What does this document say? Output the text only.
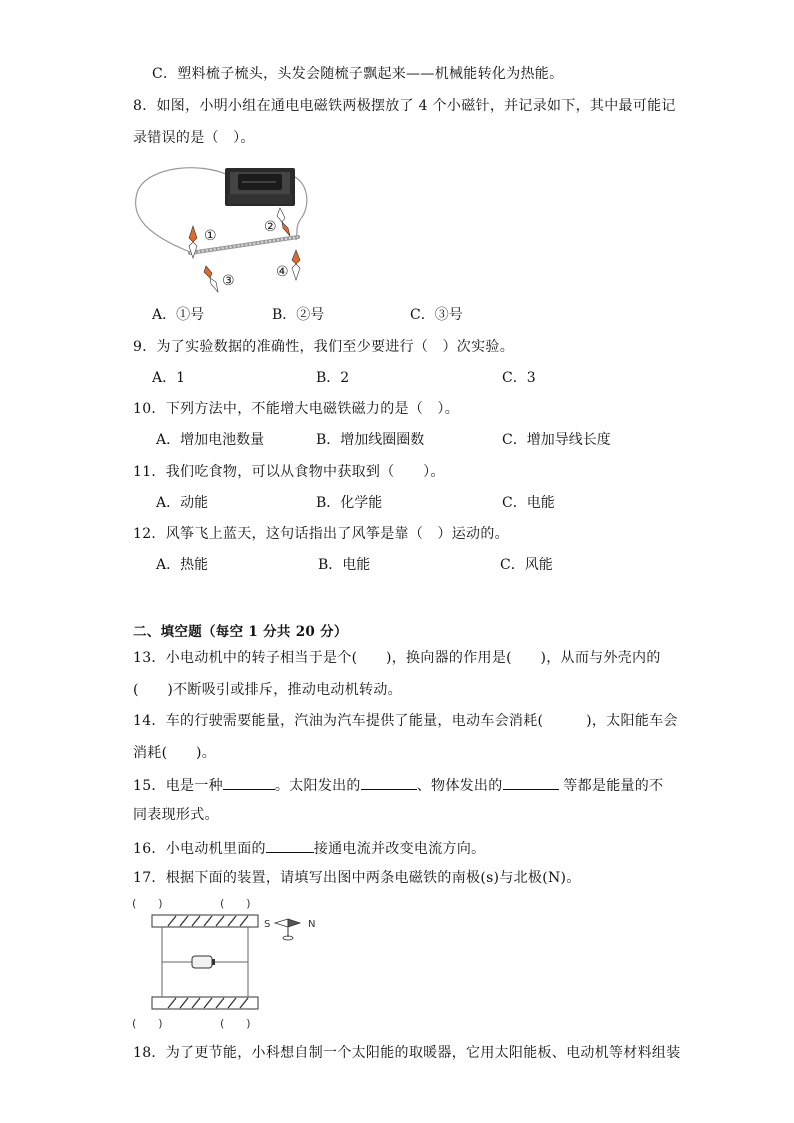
C．塑料梳子梳头，头发会随梳子飘起来——机械能转化为热能。
8．如图，小明小组在通电电磁铁两极摆放了 4 个小磁针，并记录如下，其中最可能记
录错误的是（　）。
①
②
③
④
A．①号	B．②号	C．③号
9．为了实验数据的准确性，我们至少要进行（　）次实验。
A．1	B．2	C．3
10．下列方法中，不能增大电磁铁磁力的是（　）。
A．增加电池数量	B．增加线圈圈数	C．增加导线长度
11．我们吃食物，可以从食物中获取到（　　）。
A．动能	B．化学能	C．电能
12．风筝飞上蓝天，这句话指出了风筝是靠（　）运动的。
A．热能	B．电能	C．风能
二、填空题（每空 1 分共 20 分）
13．小电动机中的转子相当于是个(　　)，换向器的作用是(　　)，从而与外壳内的
(　　)不断吸引或排斥，推动电动机转动。
14．车的行驶需要能量，汽油为汽车提供了能量，电动车会消耗(　　　)，太阳能车会
消耗(　　)。
15．电是一种	。太阳发出的	、物体发出的	等都是能量的不
同表现形式。
16．小电动机里面的	接通电流并改变电流方向。
17．根据下面的装置，请填写出图中两条电磁铁的南极(s)与北极(N)。
(　　)	(　　)
(　　)	(　　)
S	N
18．为了更节能，小科想自制一个太阳能的取暖器，它用太阳能板、电动机等材料组装
